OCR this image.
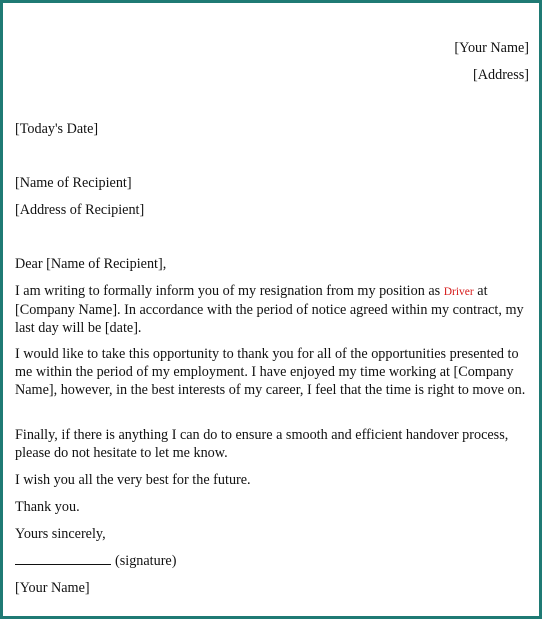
[Your Name]
[Address]
[Today's Date]
[Name of Recipient]
[Address of Recipient]
Dear [Name of Recipient],
I am writing to formally inform you of my resignation from my position as Driver at [Company Name]. In accordance with the period of notice agreed within my contract, my last day will be [date].
I would like to take this opportunity to thank you for all of the opportunities presented to me within the period of my employment. I have enjoyed my time working at [Company Name], however, in the best interests of my career, I feel that the time is right to move on.
Finally, if there is anything I can do to ensure a smooth and efficient handover process, please do not hesitate to let me know.
I wish you all the very best for the future.
Thank you.
Yours sincerely,
(signature)
[Your Name]
